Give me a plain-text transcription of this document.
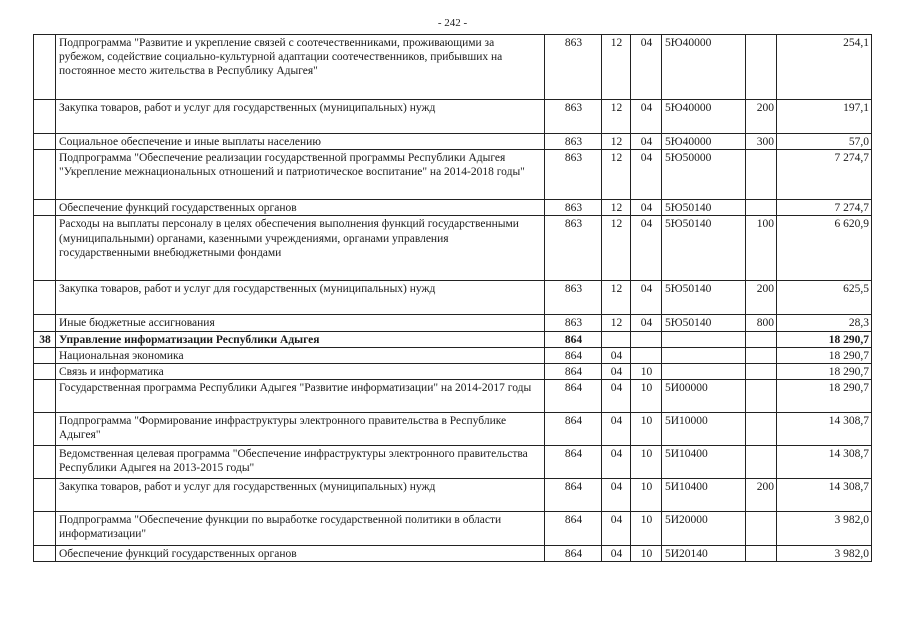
- 242 -
	Подпрограмма "Развитие и укрепление связей с соотечественниками, проживающими за рубежом, содействие социально-культурной адаптации соотечественников, прибывших на постоянное место жительства в Республику Адыгея"	863	12	04	5Ю40000		254,1
	Закупка товаров, работ и услуг для государственных (муниципальных) нужд	863	12	04	5Ю40000	200	197,1
	Социальное обеспечение и иные выплаты населению	863	12	04	5Ю40000	300	57,0
	Подпрограмма "Обеспечение реализации государственной программы Республики Адыгея "Укрепление межнациональных отношений и патриотическое воспитание" на 2014-2018 годы"	863	12	04	5Ю50000		7 274,7
	Обеспечение функций государственных органов	863	12	04	5Ю50140		7 274,7
	Расходы на выплаты персоналу в целях обеспечения выполнения функций государственными (муниципальными) органами, казенными учреждениями, органами управления государственными внебюджетными фондами	863	12	04	5Ю50140	100	6 620,9
	Закупка товаров, работ и услуг для государственных (муниципальных) нужд	863	12	04	5Ю50140	200	625,5
	Иные бюджетные ассигнования	863	12	04	5Ю50140	800	28,3
38	Управление информатизации Республики Адыгея	864					18 290,7
	Национальная экономика	864	04				18 290,7
	Связь и информатика	864	04	10			18 290,7
	Государственная программа Республики Адыгея "Развитие информатизации" на 2014-2017 годы	864	04	10	5И00000		18 290,7
	Подпрограмма "Формирование инфраструктуры электронного правительства в Республике Адыгея"	864	04	10	5И10000		14 308,7
	Ведомственная целевая программа "Обеспечение инфраструктуры электронного правительства Республики Адыгея на 2013-2015 годы"	864	04	10	5И10400		14 308,7
	Закупка товаров, работ и услуг для государственных (муниципальных) нужд	864	04	10	5И10400	200	14 308,7
	Подпрограмма "Обеспечение функции по выработке государственной политики в области информатизации"	864	04	10	5И20000		3 982,0
	Обеспечение функций государственных органов	864	04	10	5И20140		3 982,0
